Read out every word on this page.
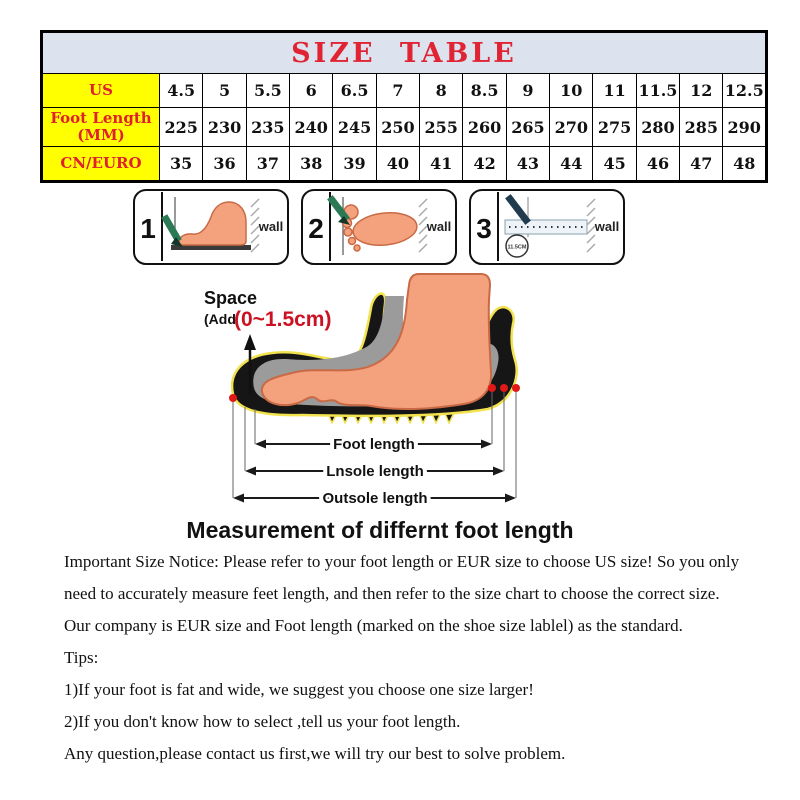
SIZE TABLE														
US	4.5	5	5.5	6	6.5	7	8	8.5	9	10	11	11.5	12	12.5
Foot Length (MM)	225	230	235	240	245	250	255	260	265	270	275	280	285	290
CN/EURO	35	36	37	38	39	40	41	42	43	44	45	46	47	48
1	wall 2	wall 3
11.5CM
wall
Space
(Add
(0~1.5cm)
Foot length
Lnsole length
Outsole length
Measurement of differnt foot length
Important Size Notice: Please refer to your foot length or EUR size to choose US size! So you only
need to accurately measure feet length, and then refer to the size chart to choose the correct size.
Our company is EUR size and Foot length (marked on the shoe size lablel) as the standard.
Tips:
1)If your foot is fat and wide, we suggest you choose one size larger!
2)If you don't know how to select ,tell us your foot length.
Any question,please contact us first,we will try our best to solve problem.
